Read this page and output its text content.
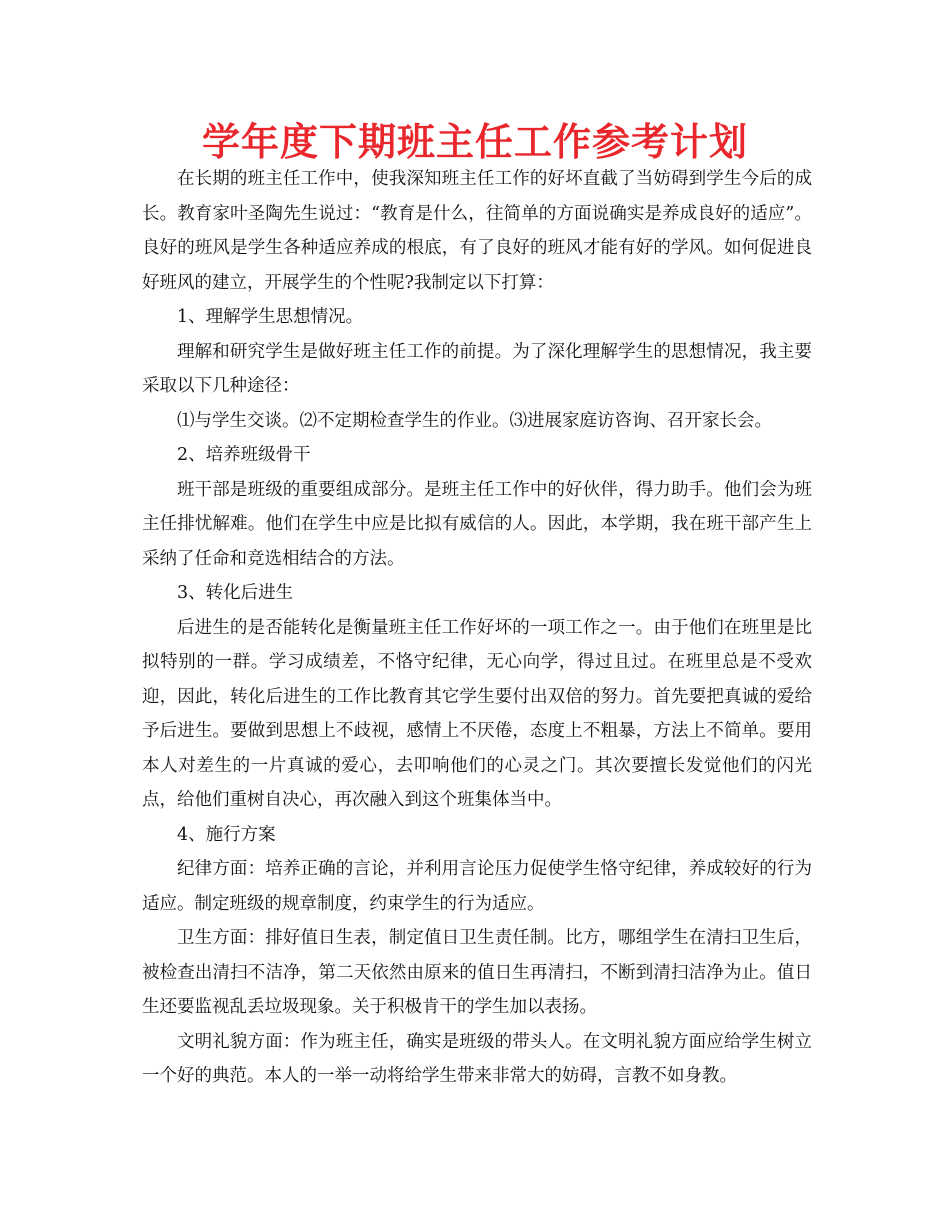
学年度下期班主任工作参考计划

在长期的班主任工作中，使我深知班主任工作的好坏直截了当妨碍到学生今后的成长。教育家叶圣陶先生说过：“教育是什么，往简单的方面说确实是养成良好的适应”。良好的班风是学生各种适应养成的根底，有了良好的班风才能有好的学风。如何促进良好班风的建立，开展学生的个性呢?我制定以下打算：

1、理解学生思想情况。

理解和研究学生是做好班主任工作的前提。为了深化理解学生的思想情况，我主要采取以下几种途径：

⑴与学生交谈。⑵不定期检查学生的作业。⑶进展家庭访咨询、召开家长会。

2、培养班级骨干

班干部是班级的重要组成部分。是班主任工作中的好伙伴，得力助手。他们会为班主任排忧解难。他们在学生中应是比拟有威信的人。因此，本学期，我在班干部产生上采纳了任命和竞选相结合的方法。

3、转化后进生

后进生的是否能转化是衡量班主任工作好坏的一项工作之一。由于他们在班里是比拟特别的一群。学习成绩差，不恪守纪律，无心向学，得过且过。在班里总是不受欢迎，因此，转化后进生的工作比教育其它学生要付出双倍的努力。首先要把真诚的爱给予后进生。要做到思想上不歧视，感情上不厌倦，态度上不粗暴，方法上不简单。要用本人对差生的一片真诚的爱心，去叩响他们的心灵之门。其次要擅长发觉他们的闪光点，给他们重树自决心，再次融入到这个班集体当中。

4、施行方案

纪律方面：培养正确的言论，并利用言论压力促使学生恪守纪律，养成较好的行为适应。制定班级的规章制度，约束学生的行为适应。

卫生方面：排好值日生表，制定值日卫生责任制。比方，哪组学生在清扫卫生后，被检查出清扫不洁净，第二天依然由原来的值日生再清扫，不断到清扫洁净为止。值日生还要监视乱丢垃圾现象。关于积极肯干的学生加以表扬。

文明礼貌方面：作为班主任，确实是班级的带头人。在文明礼貌方面应给学生树立一个好的典范。本人的一举一动将给学生带来非常大的妨碍，言教不如身教。
